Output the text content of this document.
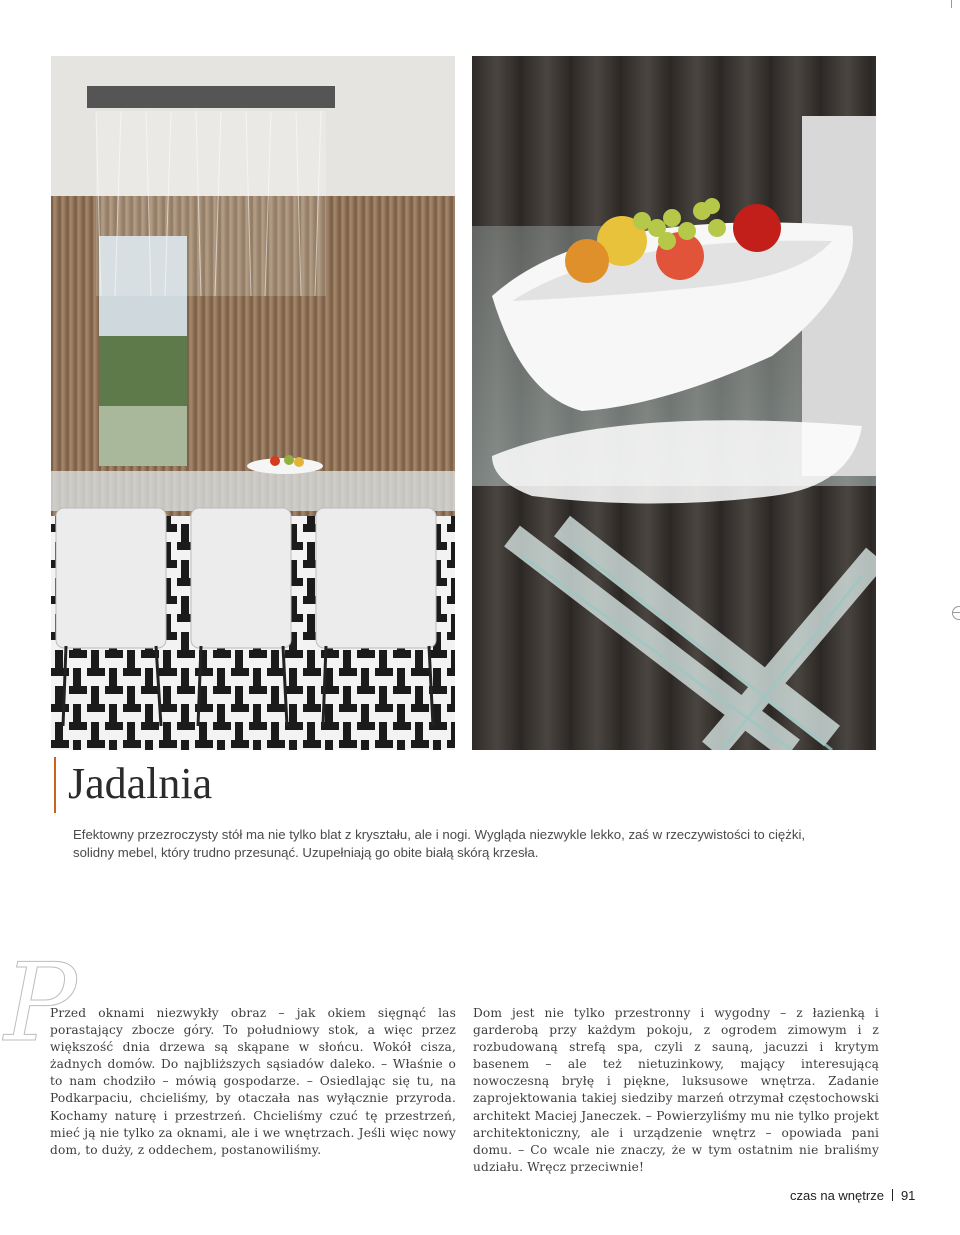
Jadalnia
Efektowny przezroczysty stół ma nie tylko blat z kryształu, ale i nogi. Wygląda niezwykle lekko, zaś w rzeczywistości to ciężki, solidny mebel, który trudno przesunąć. Uzupełniają go obite białą skórą krzesła.
P
Przed oknami niezwykły obraz – jak okiem sięgnąć las porastający zbocze góry. To południowy stok, a więc przez większość dnia drzewa są skąpane w słońcu. Wokół cisza, żadnych domów. Do najbliższych sąsiadów daleko. – Właśnie o to nam chodziło – mówią gospodarze. – Osiedlając się tu, na Podkarpaciu, chcieliśmy, by otaczała nas wyłącznie przyroda. Kochamy naturę i przestrzeń. Chcieliśmy czuć tę przestrzeń, mieć ją nie tylko za oknami, ale i we wnętrzach. Jeśli więc nowy dom, to duży, z oddechem, postanowiliśmy.
Dom jest nie tylko przestronny i wygodny – z łazienką i garderobą przy każdym pokoju, z ogrodem zimowym i z rozbudowaną strefą spa, czyli z sauną, jacuzzi i krytym basenem – ale też nietuzinkowy, mający interesującą nowoczesną bryłę i piękne, luksusowe wnętrza. Zadanie zaprojektowania takiej siedziby marzeń otrzymał częstochowski architekt Maciej Janeczek. – Powierzyliśmy mu nie tylko projekt architektoniczny, ale i urządzenie wnętrz – opowiada pani domu. – Co wcale nie znaczy, że w tym ostatnim nie braliśmy udziału. Wręcz przeciwnie!
czas na wnętrze 91
